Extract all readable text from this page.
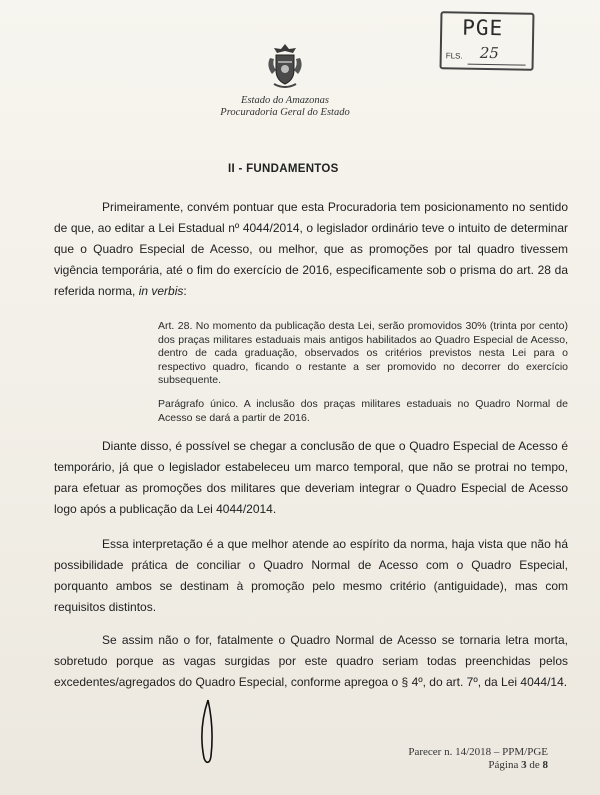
Estado do Amazonas
Procuradoria Geral do Estado
PGE
FLS. 25
II - FUNDAMENTOS

Primeiramente, convém pontuar que esta Procuradoria tem posicionamento no sentido de que, ao editar a Lei Estadual nº 4044/2014, o legislador ordinário teve o intuito de determinar que o Quadro Especial de Acesso, ou melhor, que as promoções por tal quadro tivessem vigência temporária, até o fim do exercício de 2016, especificamente sob o prisma do art. 28 da referida norma, in verbis:

Art. 28. No momento da publicação desta Lei, serão promovidos 30% (trinta por cento) dos praças militares estaduais mais antigos habilitados ao Quadro Especial de Acesso, dentro de cada graduação, observados os critérios previstos nesta Lei para o respectivo quadro, ficando o restante a ser promovido no decorrer do exercício subsequente.

Parágrafo único. A inclusão dos praças militares estaduais no Quadro Normal de Acesso se dará a partir de 2016.

Diante disso, é possível se chegar a conclusão de que o Quadro Especial de Acesso é temporário, já que o legislador estabeleceu um marco temporal, que não se protrai no tempo, para efetuar as promoções dos militares que deveriam integrar o Quadro Especial de Acesso logo após a publicação da Lei 4044/2014.

Essa interpretação é a que melhor atende ao espírito da norma, haja vista que não há possibilidade prática de conciliar o Quadro Normal de Acesso com o Quadro Especial, porquanto ambos se destinam à promoção pelo mesmo critério (antiguidade), mas com requisitos distintos.

Se assim não o for, fatalmente o Quadro Normal de Acesso se tornaria letra morta, sobretudo porque as vagas surgidas por este quadro seriam todas preenchidas pelos excedentes/agregados do Quadro Especial, conforme apregoa o § 4º, do art. 7º, da Lei 4044/14.

Parecer n. 14/2018 – PPM/PGE
Página 3 de 8
